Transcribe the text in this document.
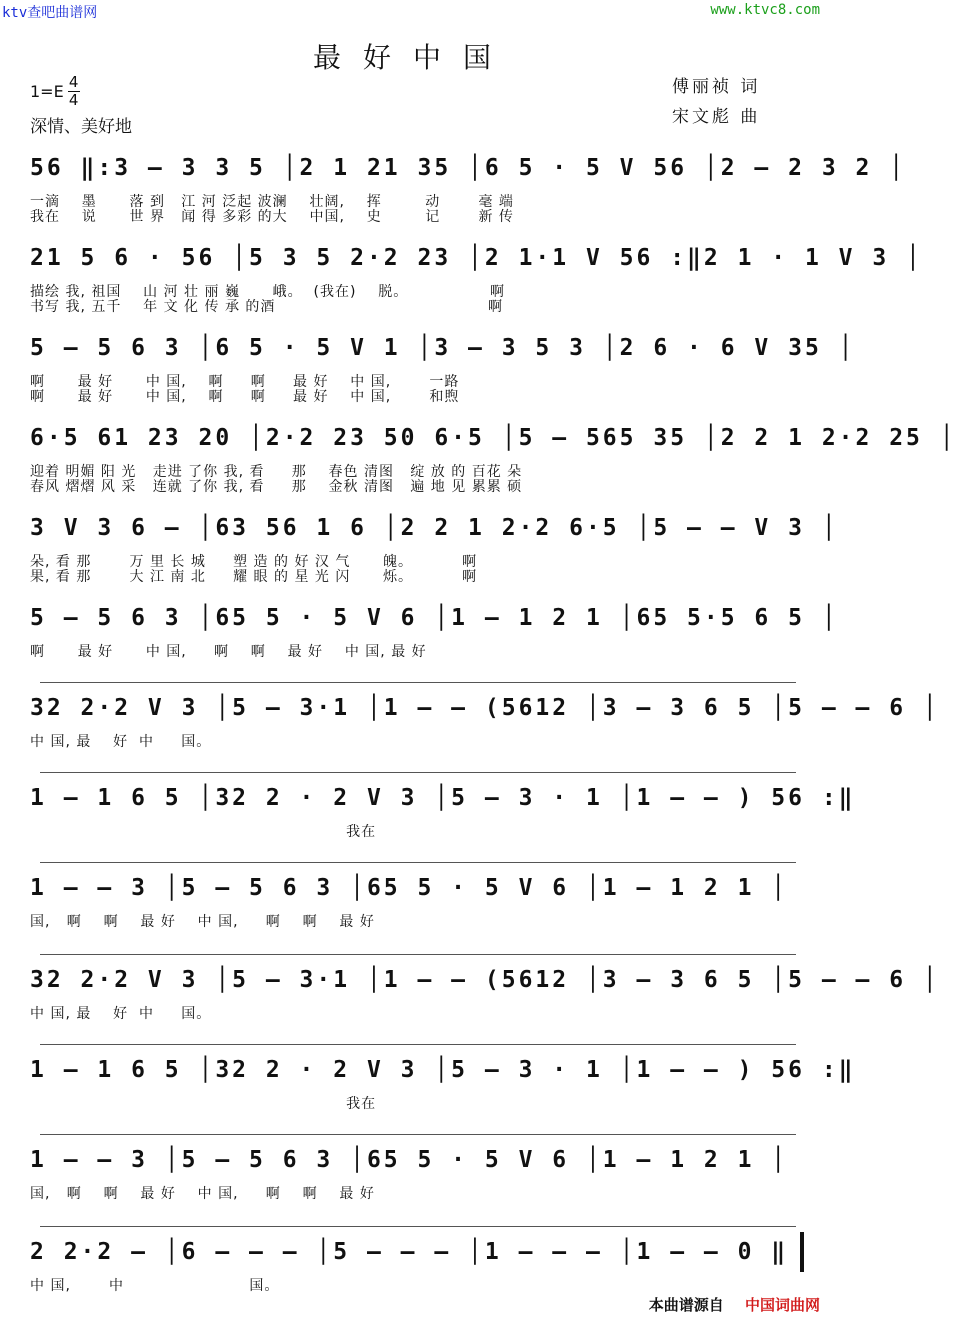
ktv查吧曲谱网	www.ktvc8.com
最好中国
$1=E \frac{4}{4}$
深情、美好地
傅丽祯 词
宋文彪 曲
56 ‖:3 – 3 3 5 │2 1 21 35 │6 5 · 5 V 56 │2 – 2 3 2 │
一滴    墨      落 到   江 河 泛起 波澜    壮阔,    挥        动       毫 端
我在    说      世 界   闻 得 多彩 的大    中国,    史        记       新 传
21 5 6 · 56 │5 3 5 2·2 23 │2 1·1 V 56 :‖2 1 · 1 V 3 │
描绘 我, 祖国    山 河 壮 丽 巍      峨。  (我在)    脱。               啊
书写 我, 五千    年 文 化 传 承 的酒                                       啊
5 – 5 6 3 │6 5 · 5 V 1 │3 – 3 5 3 │2 6 · 6 V 35 │
啊      最 好      中 国,    啊     啊     最 好    中 国,       一路
啊      最 好      中 国,    啊     啊     最 好    中 国,       和煦
6·5 61 23 20 │2·2 23 50 6·5 │5 – 565 35 │2 2 1 2·2 25 │
迎着 明媚 阳 光   走进 了你 我, 看     那    春色 清图   绽 放 的 百花 朵
春风 熠熠 风 采   连就 了你 我, 看     那    金秋 清图   遍 地 见 累累 硕
3 V 3 6 – │63 56 1 6 │2 2 1 2·2 6·5 │5 – – V 3 │
朵, 看 那       万 里 长 城     塑 造 的 好 汉 气      魄。         啊
果, 看 那       大 江 南 北     耀 眼 的 星 光 闪      烁。         啊
5 – 5 6 3 │65 5 · 5 V 6 │1 – 1 2 1 │65 5·5 6 5 │
啊      最 好      中 国,     啊    啊    最 好    中 国, 最 好
32 2·2 V 3 │5 – 3·1 │1 – – (5612 │3 – 3 6 5 │5 – – 6 │
中 国, 最    好  中     国。
1 – 1 6 5 │32 2 · 2 V 3 │5 – 3 · 1 │1 – – ) 56 :‖
我在
1 – – 3 │5 – 5 6 3 │65 5 · 5 V 6 │1 – 1 2 1 │
国,   啊    啊    最 好    中 国,     啊    啊    最 好
32 2·2 V 3 │5 – 3·1 │1 – – (5612 │3 – 3 6 5 │5 – – 6 │
中 国, 最    好  中     国。
1 – 1 6 5 │32 2 · 2 V 3 │5 – 3 · 1 │1 – – ) 56 :‖
我在
1 – – 3 │5 – 5 6 3 │65 5 · 5 V 6 │1 – 1 2 1 │
国,   啊    啊    最 好    中 国,     啊    啊    最 好
2 2·2 – │6 – – – │5 – – – │1 – – – │1 – – 0 ‖
中 国,       中                       国。
本曲谱源自 中国词曲网
